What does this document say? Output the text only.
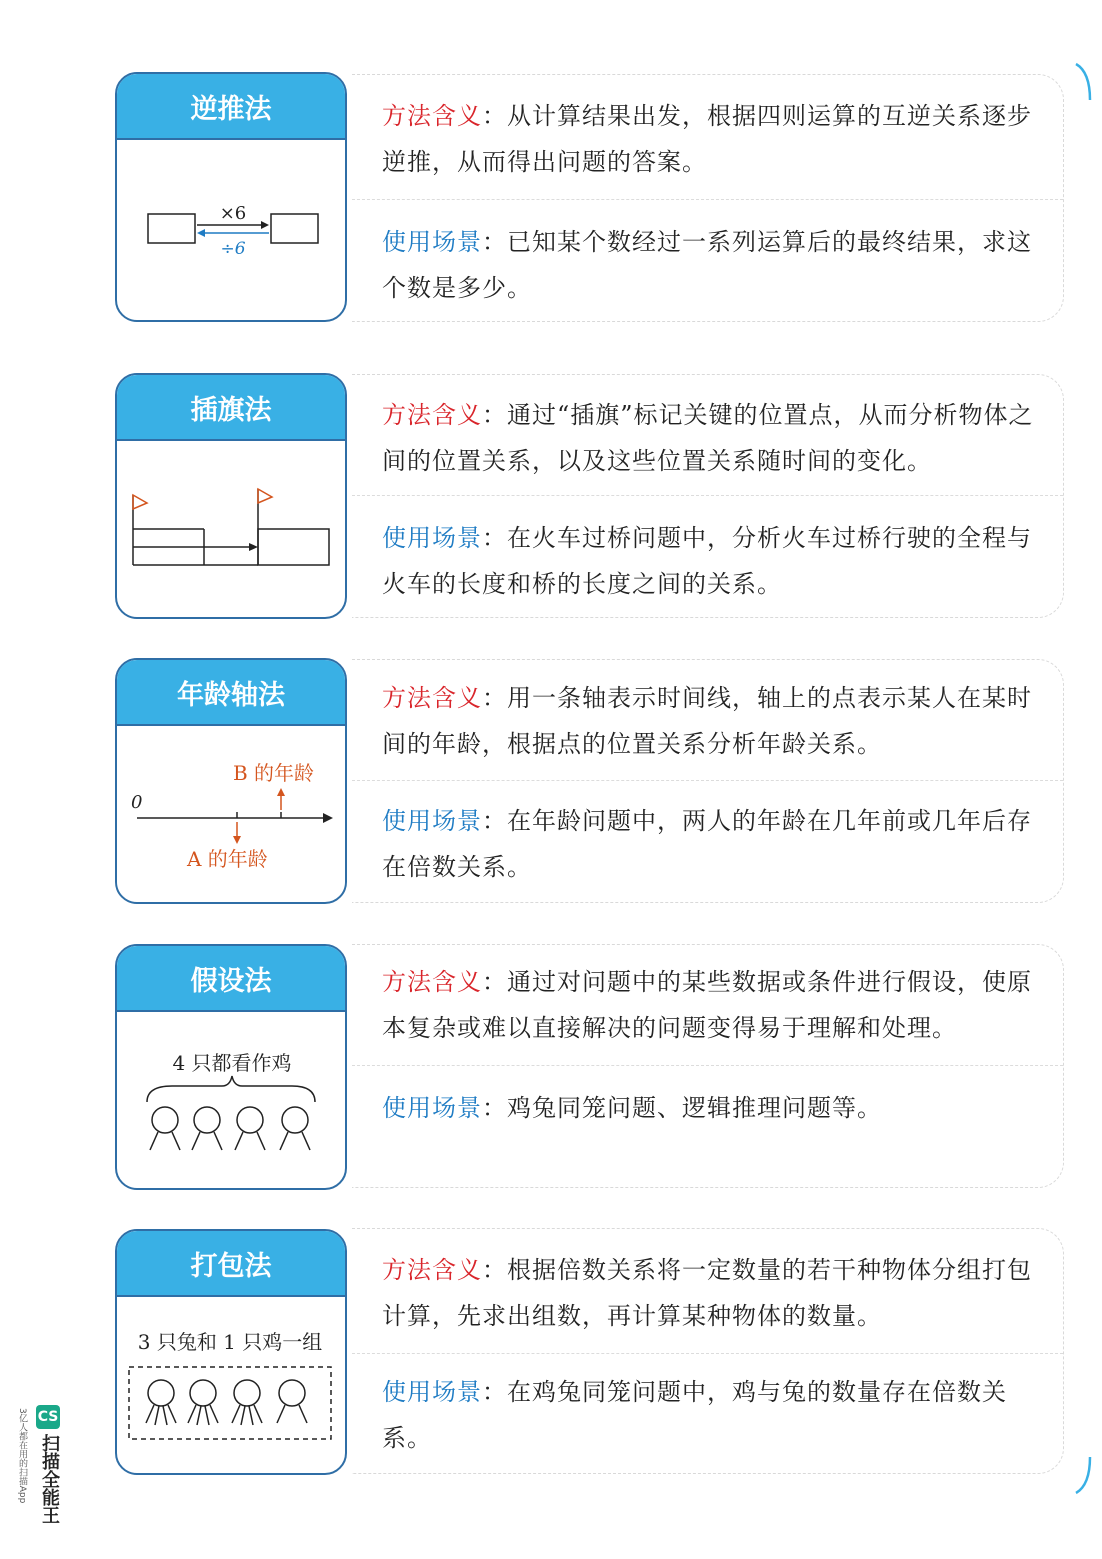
逆推法
×6
÷6
方法含义：从计算结果出发，根据四则运算的互逆关系逐步逆推，从而得出问题的答案。
使用场景：已知某个数经过一系列运算后的最终结果，求这个数是多少。
插旗法	方法含义：通过“插旗”标记关键的位置点，从而分析物体之间的位置关系，以及这些位置关系随时间的变化。
使用场景：在火车过桥问题中，分析火车过桥行驶的全程与火车的长度和桥的长度之间的关系。
年龄轴法
0
B 的年龄
A 的年龄
方法含义：用一条轴表示时间线，轴上的点表示某人在某时间的年龄，根据点的位置关系分析年龄关系。
使用场景：在年龄问题中，两人的年龄在几年前或几年后存在倍数关系。
假设法
4 只都看作鸡
方法含义：通过对问题中的某些数据或条件进行假设，使原本复杂或难以直接解决的问题变得易于理解和处理。
使用场景：鸡兔同笼问题、逻辑推理问题等。
打包法
3 只兔和 1 只鸡一组
方法含义：根据倍数关系将一定数量的若干种物体分组打包计算，先求出组数，再计算某种物体的数量。
使用场景：在鸡兔同笼问题中，鸡与兔的数量存在倍数关系。
CS
扫描全能王
3亿人都在用的扫描App
